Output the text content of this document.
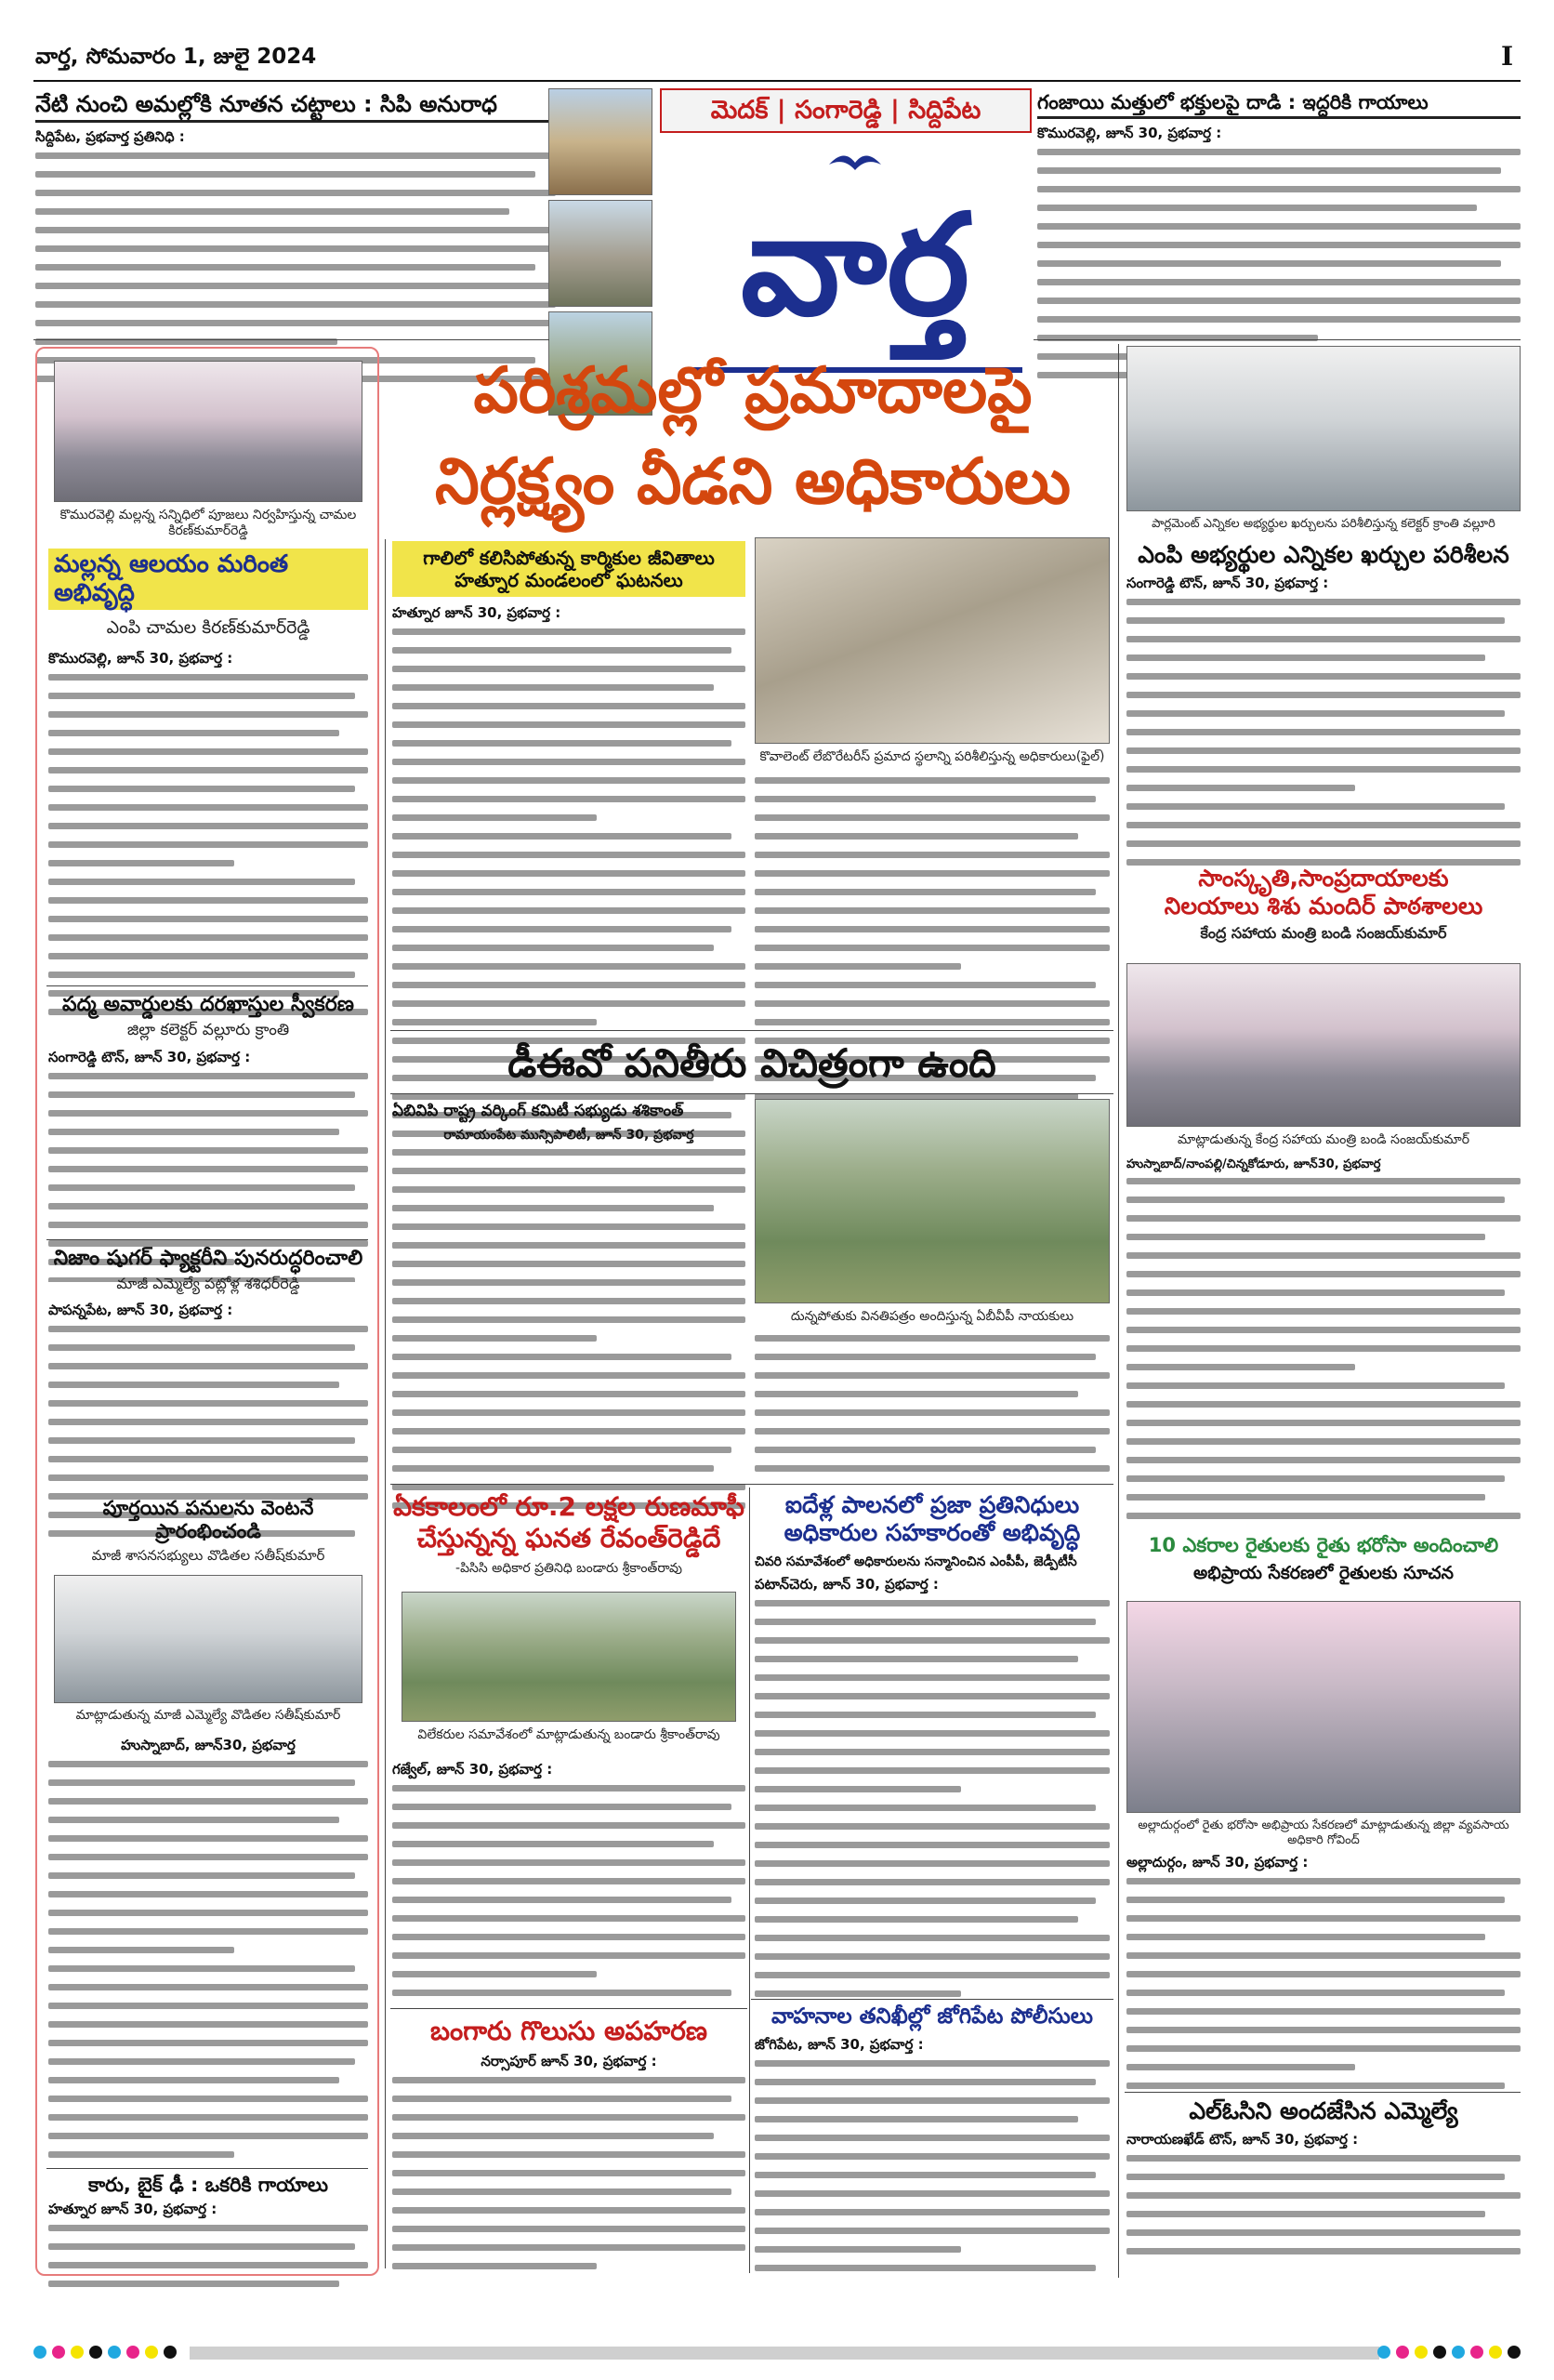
వార్త, సోమవారం 1, జులై 2024	I
నేటి నుంచి అమల్లోకి నూతన చట్టాలు : సిపి అనురాధ
సిద్దిపేట, ప్రభవార్త ప్రతినిధి :
మెదక్ | సంగారెడ్డి | సిద్దిపేట
వార్త
గంజాయి మత్తులో భక్తులపై దాడి : ఇద్దరికి గాయాలు
కొమురవెల్లి, జూన్ 30, ప్రభవార్త :
కొమురవెల్లి మల్లన్న సన్నిధిలో పూజలు నిర్వహిస్తున్న చామల కిరణ్‌కుమార్‌రెడ్డి
మల్లన్న ఆలయం మరింత అభివృద్ధి
ఎంపి చామల కిరణ్‌కుమార్‌రెడ్డి
కొమురవెల్లి, జూన్ 30, ప్రభవార్త :
పద్మ అవార్డులకు దరఖాస్తుల స్వీకరణ
జిల్లా కలెక్టర్ వల్లూరు క్రాంతి
సంగారెడ్డి టౌన్, జూన్ 30, ప్రభవార్త :
నిజాం షుగర్ ఫ్యాక్టరీని పునరుద్ధరించాలి
మాజీ ఎమ్మెల్యే పట్లోళ్ల శశిధర్‌రెడ్డి
పాపన్నపేట, జూన్ 30, ప్రభవార్త :
పూర్తయిన పనులను వెంటనే ప్రారంభించండి
మాజీ శాసనసభ్యులు వొడితల సతీష్‌కుమార్
మాట్లాడుతున్న మాజీ ఎమ్మెల్యే వొడితల సతీష్‌కుమార్
హుస్నాబాద్, జూన్30, ప్రభవార్త
కారు, బైక్ ఢీ : ఒకరికి గాయాలు
హత్నూర జూన్ 30, ప్రభవార్త :
పరిశ్రమల్లో ప్రమాదాలపై
నిర్లక్ష్యం వీడని అధికారులు
గాలిలో కలిసిపోతున్న కార్మికుల జీవితాలు
హత్నూర మండలంలో ఘటనలు
హత్నూర జూన్ 30, ప్రభవార్త :
కొవాలెంట్ లేబొరేటరీస్ ప్రమాద స్థలాన్ని పరిశీలిస్తున్న అధికారులు(ఫైల్)
డీఈవో పనితీరు విచిత్రంగా ఉంది
ఏబివిపి రాష్ట్ర వర్కింగ్ కమిటీ సభ్యుడు శశికాంత్
రామాయంపేట మున్సిపాలిటీ, జూన్ 30, ప్రభవార్త
దున్నపోతుకు వినతిపత్రం అందిస్తున్న ఏబీవీపీ నాయకులు
ఏకకాలంలో రూ.2 లక్షల రుణమాఫీ
చేస్తున్నన్న ఘనత రేవంత్‌రెడ్డిదే
-పిసిసి అధికార ప్రతినిధి బండారు శ్రీకాంత్‌రావు
విలేకరుల సమావేశంలో మాట్లాడుతున్న బండారు శ్రీకాంత్‌రావు
గజ్వేల్, జూన్ 30, ప్రభవార్త :
బంగారు గొలుసు అపహరణ
నర్సాపూర్ జూన్ 30, ప్రభవార్త :
ఐదేళ్ల పాలనలో ప్రజా ప్రతినిధులు
అధికారుల సహకారంతో అభివృద్ధి
చివరి సమావేశంలో అధికారులను సన్మానించిన ఎంపీపీ, జెడ్పీటీసీ
పటాన్‌చెరు, జూన్ 30, ప్రభవార్త :
వాహనాల తనిఖీల్లో జోగిపేట పోలీసులు
జోగిపేట, జూన్ 30, ప్రభవార్త :
పార్లమెంట్ ఎన్నికల అభ్యర్థుల ఖర్చులను పరిశీలిస్తున్న కలెక్టర్ క్రాంతి వల్లూరి
ఎంపి అభ్యర్థుల ఎన్నికల ఖర్చుల పరిశీలన
సంగారెడ్డి టౌన్, జూన్ 30, ప్రభవార్త :
సాంస్కృతి,సాంప్రదాయాలకు
నిలయాలు శిశు మందిర్ పాఠశాలలు
కేంద్ర సహాయ మంత్రి బండి సంజయ్‌కుమార్
మాట్లాడుతున్న కేంద్ర సహాయ మంత్రి బండి సంజయ్‌కుమార్
హుస్నాబాద్/నాంపల్లి/చిన్నకోడూరు, జూన్30, ప్రభవార్త
10 ఎకరాల రైతులకు రైతు భరోసా అందించాలి
అభిప్రాయ సేకరణలో రైతులకు సూచన
అల్లాదుర్గంలో రైతు భరోసా అభిప్రాయ సేకరణలో మాట్లాడుతున్న జిల్లా వ్యవసాయ అధికారి గోవింద్
అల్లాదుర్గం, జూన్ 30, ప్రభవార్త :
ఎల్ఓసిని అందజేసిన ఎమ్మెల్యే
నారాయణఖేడ్ టౌన్, జూన్ 30, ప్రభవార్త :
